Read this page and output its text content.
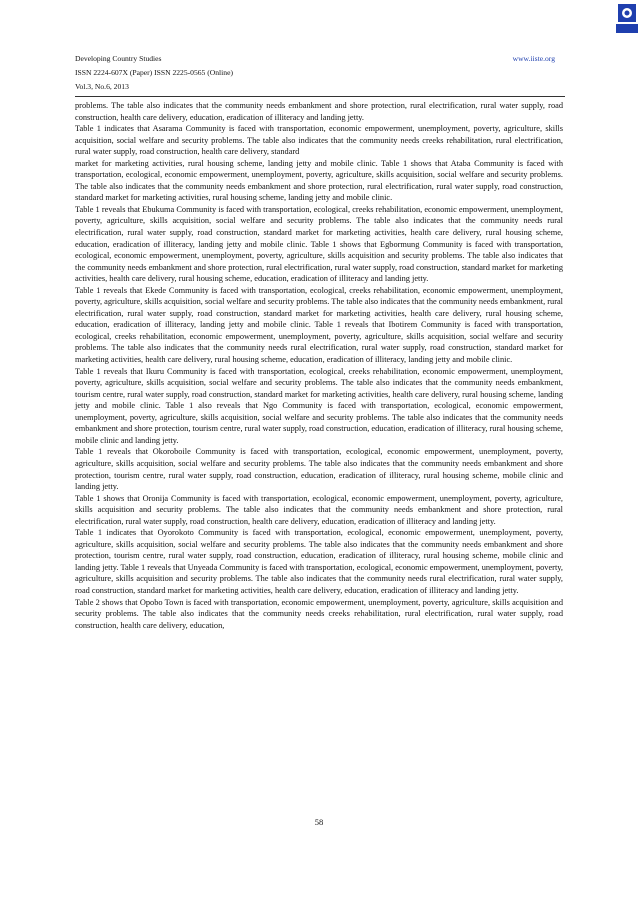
Developing Country Studies
ISSN 2224-607X (Paper) ISSN 2225-0565 (Online)
Vol.3, No.6, 2013
www.iiste.org

problems. The table also indicates that the community needs embankment and shore protection, rural electrification, rural water supply, road construction, health care delivery, education, eradication of illiteracy and landing jetty.

Table 1 indicates that Asarama Community is faced with transportation, economic empowerment, unemployment, poverty, agriculture, skills acquisition, social welfare and security problems. The table also indicates that the community needs creeks rehabilitation, rural electrification, rural water supply, road construction, health care delivery, standard

market for marketing activities, rural housing scheme, landing jetty and mobile clinic. Table 1 shows that Ataba Community is faced with transportation, ecological, economic empowerment, unemployment, poverty, agriculture, skills acquisition, social welfare and security problems. The table also indicates that the community needs embankment and shore protection, rural electrification, rural water supply, road construction, standard market for marketing activities, rural housing scheme, landing jetty and mobile clinic.

Table 1 reveals that Ebukuma Community is faced with transportation, ecological, creeks rehabilitation, economic empowerment, unemployment, poverty, agriculture, skills acquisition, social welfare and security problems. The table also indicates that the community needs rural electrification, rural water supply, road construction, standard market for marketing activities, health care delivery, rural housing scheme, education, eradication of illiteracy, landing jetty and mobile clinic. Table 1 shows that Egbormung Community is faced with transportation, ecological, economic empowerment, unemployment, poverty, agriculture, skills acquisition and security problems. The table also indicates that the community needs embankment and shore protection, rural electrification, rural water supply, road construction, standard market for marketing activities, health care delivery, rural housing scheme, education, eradication of illiteracy and landing jetty.

Table 1 reveals that Ekede Community is faced with transportation, ecological, creeks rehabilitation, economic empowerment, unemployment, poverty, agriculture, skills acquisition, social welfare and security problems. The table also indicates that the community needs embankment, rural electrification, rural water supply, road construction, standard market for marketing activities, health care delivery, rural housing scheme, education, eradication of illiteracy, landing jetty and mobile clinic. Table 1 reveals that Ibotirem Community is faced with transportation, ecological, creeks rehabilitation, economic empowerment, unemployment, poverty, agriculture, skills acquisition, social welfare and security problems. The table also indicates that the community needs rural electrification, rural water supply, road construction, standard market for marketing activities, health care delivery, rural housing scheme, education, eradication of illiteracy, landing jetty and mobile clinic.

Table 1 reveals that Ikuru Community is faced with transportation, ecological, creeks rehabilitation, economic empowerment, unemployment, poverty, agriculture, skills acquisition, social welfare and security problems. The table also indicates that the community needs embankment, tourism centre, rural water supply, road construction, standard market for marketing activities, health care delivery, rural housing scheme, landing jetty and mobile clinic. Table 1 also reveals that Ngo Community is faced with transportation, ecological, economic empowerment, unemployment, poverty, agriculture, skills acquisition, social welfare and security problems. The table also indicates that the community needs embankment and shore protection, tourism centre, rural water supply, road construction, education, eradication of illiteracy, rural housing scheme, mobile clinic and landing jetty.

Table 1 reveals that Okoroboile Community is faced with transportation, ecological, economic empowerment, unemployment, poverty, agriculture, skills acquisition, social welfare and security problems. The table also indicates that the community needs embankment and shore protection, tourism centre, rural water supply, road construction, education, eradication of illiteracy, rural housing scheme, mobile clinic and landing jetty.

Table 1 shows that Oronija Community is faced with transportation, ecological, economic empowerment, unemployment, poverty, agriculture, skills acquisition and security problems. The table also indicates that the community needs embankment and shore protection, rural electrification, rural water supply, road construction, health care delivery, education, eradication of illiteracy and landing jetty.

Table 1 indicates that Oyorokoto Community is faced with transportation, ecological, economic empowerment, unemployment, poverty, agriculture, skills acquisition, social welfare and security problems. The table also indicates that the community needs embankment and shore protection, tourism centre, rural water supply, road construction, education, eradication of illiteracy, rural housing scheme, mobile clinic and landing jetty. Table 1 reveals that Unyeada Community is faced with transportation, ecological, economic empowerment, unemployment, poverty, agriculture, skills acquisition and security problems. The table also indicates that the community needs rural electrification, rural water supply, road construction, standard market for marketing activities, health care delivery, education, eradication of illiteracy and landing jetty.

Table 2 shows that Opobo Town is faced with transportation, economic empowerment, unemployment, poverty, agriculture, skills acquisition and security problems. The table also indicates that the community needs creeks rehabilitation, rural electrification, rural water supply, road construction, health care delivery, education,

58
